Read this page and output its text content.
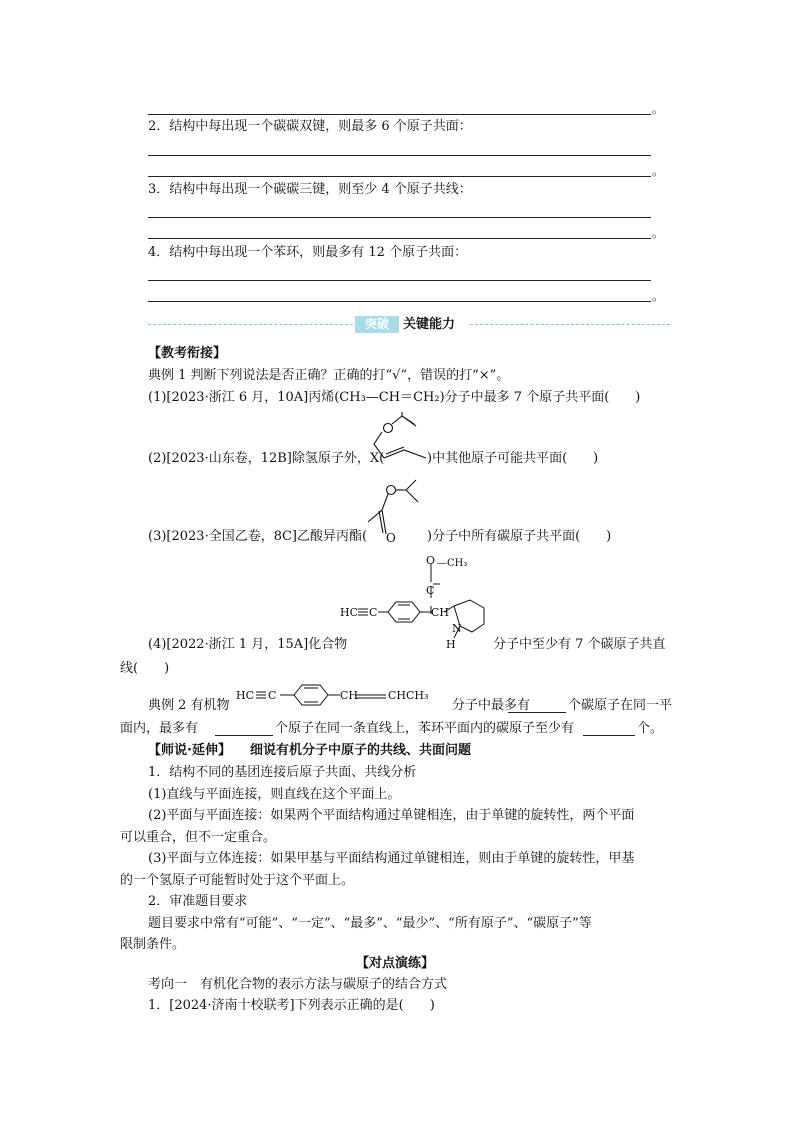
。
2．结构中每出现一个碳碳双键，则最多 6 个原子共面：
。
3．结构中每出现一个碳碳三键，则至少 4 个原子共线：
。
4．结构中每出现一个苯环，则最多有 12 个原子共面：
。
突破	关键能力
【教考衔接】
典例 1 判断下列说法是否正确？正确的打“√”，错误的打“×”。
(1)[2023·浙江 6 月，10A]丙烯(CH₃—CH＝CH₂)分子中最多 7 个原子共平面(　　)
(2)[2023·山东卷，12B]除氢原子外，X(	)中其他原子可能共平面(　　)
(3)[2023·全国乙卷，8C]乙酸异丙酯( O )分子中所有碳原子共平面(　　)
C
O —CH₃
HC C	CH
N
H
(4)[2022·浙江 1 月，15A]化合物	分子中至少有 7 个碳原子共直
线(　　)
典例 2 有机物
HC C	CH	CHCH₃
分子中最多有	个碳原子在同一平
面内，最多有	个原子在同一条直线上，苯环平面内的碳原子至少有	个。
【师说·延伸】 细说有机分子中原子的共线、共面问题
1．结构不同的基团连接后原子共面、共线分析
(1)直线与平面连接，则直线在这个平面上。
(2)平面与平面连接：如果两个平面结构通过单键相连，由于单键的旋转性，两个平面
可以重合，但不一定重合。
(3)平面与立体连接：如果甲基与平面结构通过单键相连，则由于单键的旋转性，甲基
的一个氢原子可能暂时处于这个平面上。
2．审准题目要求
题目要求中常有“可能”、“一定”、“最多”、“最少”、“所有原子”、“碳原子”等
限制条件。
【对点演练】
考向一　有机化合物的表示方法与碳原子的结合方式
1．[2024·济南十校联考]下列表示正确的是(　　)
